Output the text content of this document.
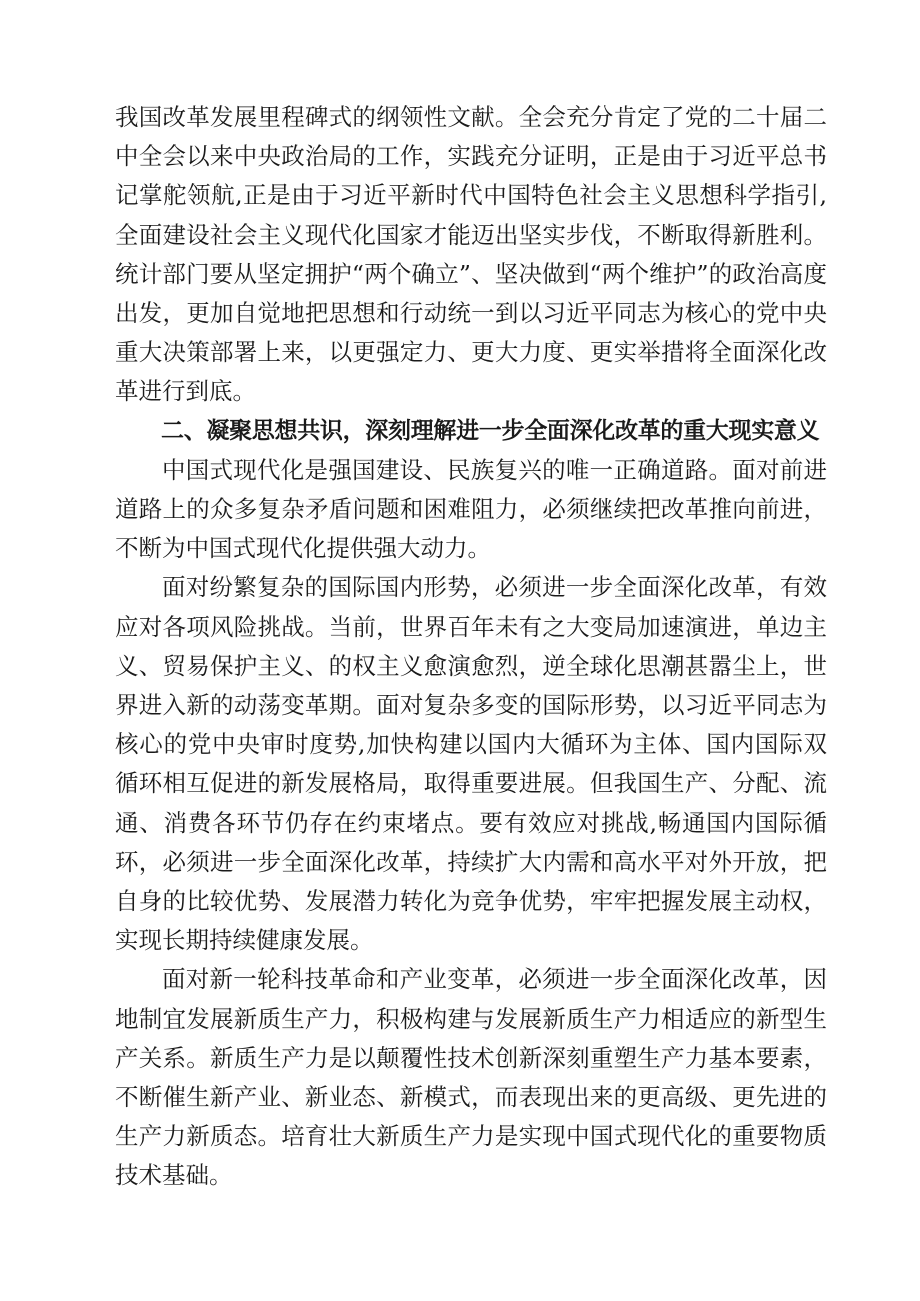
我国改革发展里程碑式的纲领性文献。全会充分肯定了党的二十届二中全会以来中央政治局的工作，实践充分证明，正是由于习近平总书记掌舵领航,正是由于习近平新时代中国特色社会主义思想科学指引,全面建设社会主义现代化国家才能迈出坚实步伐，不断取得新胜利。统计部门要从坚定拥护“两个确立”、坚决做到“两个维护”的政治高度出发，更加自觉地把思想和行动统一到以习近平同志为核心的党中央重大决策部署上来，以更强定力、更大力度、更实举措将全面深化改革进行到底。

二、凝聚思想共识，深刻理解进一步全面深化改革的重大现实意义

中国式现代化是强国建设、民族复兴的唯一正确道路。面对前进道路上的众多复杂矛盾问题和困难阻力，必须继续把改革推向前进，不断为中国式现代化提供强大动力。

面对纷繁复杂的国际国内形势，必须进一步全面深化改革，有效应对各项风险挑战。当前，世界百年未有之大变局加速演进，单边主义、贸易保护主义、的权主义愈演愈烈，逆全球化思潮甚嚣尘上，世界进入新的动荡变革期。面对复杂多变的国际形势，以习近平同志为核心的党中央审时度势,加快构建以国内大循环为主体、国内国际双循环相互促进的新发展格局，取得重要进展。但我国生产、分配、流通、消费各环节仍存在约束堵点。要有效应对挑战,畅通国内国际循环，必须进一步全面深化改革，持续扩大内需和高水平对外开放，把自身的比较优势、发展潜力转化为竞争优势，牢牢把握发展主动权，实现长期持续健康发展。

面对新一轮科技革命和产业变革，必须进一步全面深化改革，因地制宜发展新质生产力，积极构建与发展新质生产力相适应的新型生产关系。新质生产力是以颠覆性技术创新深刻重塑生产力基本要素，不断催生新产业、新业态、新模式，而表现出来的更高级、更先进的生产力新质态。培育壮大新质生产力是实现中国式现代化的重要物质技术基础。
